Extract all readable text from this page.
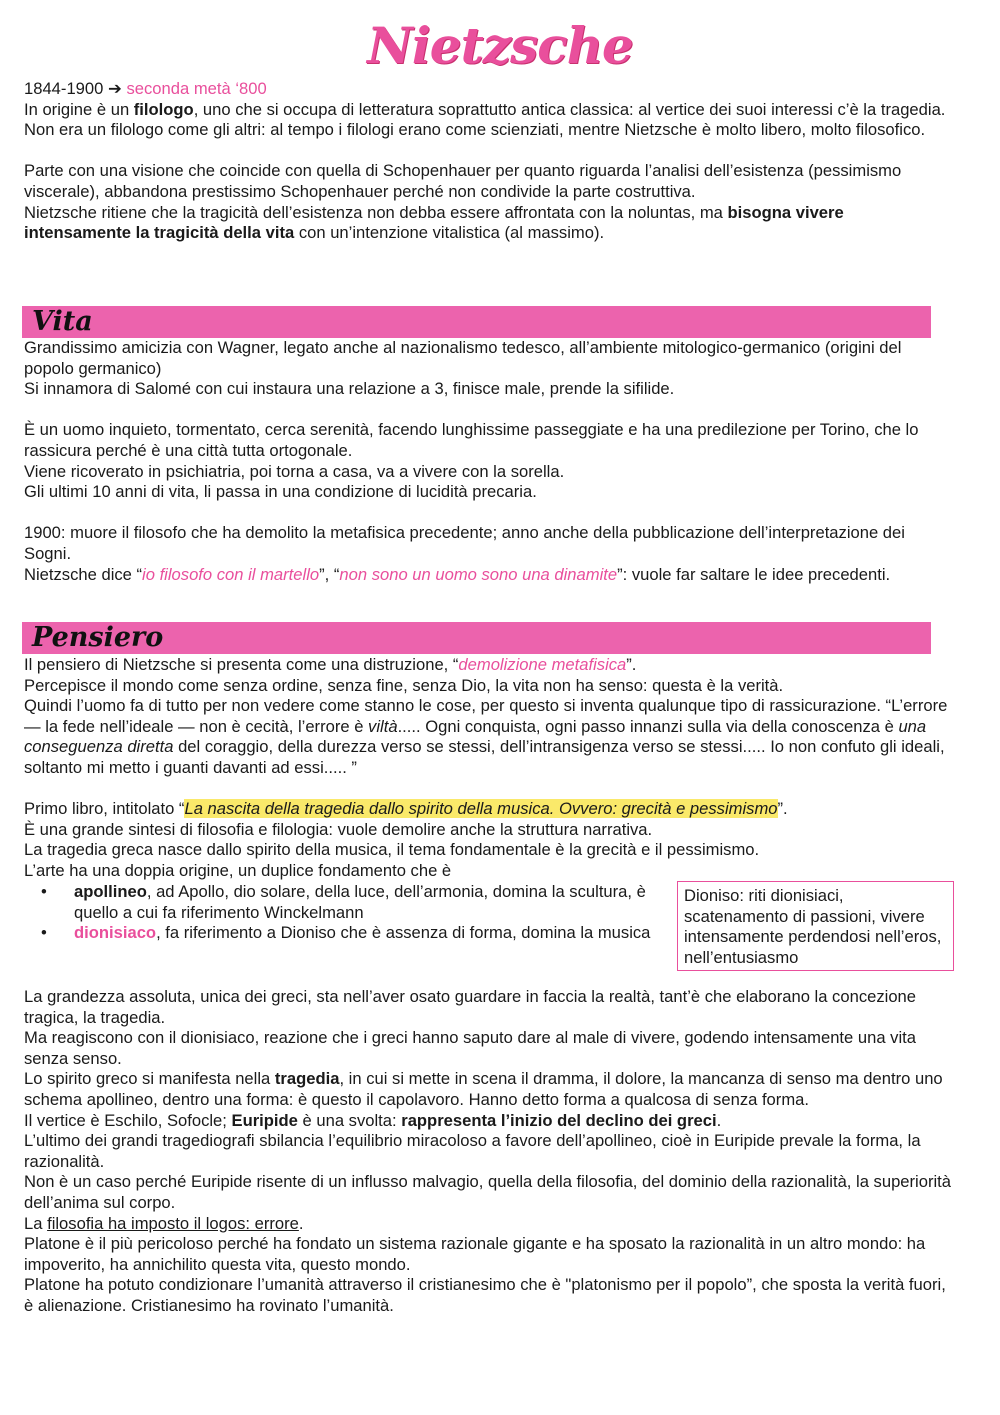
Nietzsche

1844-1900 ➔ seconda metà ‘800

In origine è un filologo, uno che si occupa di letteratura soprattutto antica classica: al vertice dei suoi interessi c’è la tragedia.

Non era un filologo come gli altri: al tempo i filologi erano come scienziati, mentre Nietzsche è molto libero, molto filosofico.

Parte con una visione che coincide con quella di Schopenhauer per quanto riguarda l’analisi dell’esistenza (pessimismo viscerale), abbandona prestissimo Schopenhauer perché non condivide la parte costruttiva.

Nietzsche ritiene che la tragicità dell’esistenza non debba essere affrontata con la noluntas, ma bisogna vivere intensamente la tragicità della vita con un’intenzione vitalistica (al massimo).

Vita

Grandissimo amicizia con Wagner, legato anche al nazionalismo tedesco, all’ambiente mitologico-germanico (origini del popolo germanico)

Si innamora di Salomé con cui instaura una relazione a 3, finisce male, prende la sifilide.

È un uomo inquieto, tormentato, cerca serenità, facendo lunghissime passeggiate e ha una predilezione per Torino, che lo rassicura perché è una città tutta ortogonale.

Viene ricoverato in psichiatria, poi torna a casa, va a vivere con la sorella.

Gli ultimi 10 anni di vita, li passa in una condizione di lucidità precaria.

1900: muore il filosofo che ha demolito la metafisica precedente; anno anche della pubblicazione dell’interpretazione dei Sogni.

Nietzsche dice “io filosofo con il martello”, “non sono un uomo sono una dinamite”: vuole far saltare le idee precedenti.

Pensiero

Il pensiero di Nietzsche si presenta come una distruzione, “demolizione metafisica”.

Percepisce il mondo come senza ordine, senza fine, senza Dio, la vita non ha senso: questa è la verità.

Quindi l’uomo fa di tutto per non vedere come stanno le cose, per questo si inventa qualunque tipo di rassicurazione. “L’errore — la fede nell’ideale — non è cecità, l’errore è viltà..... Ogni conquista, ogni passo innanzi sulla via della conoscenza è una conseguenza diretta del coraggio, della durezza verso se stessi, dell’intransigenza verso se stessi..... Io non confuto gli ideali, soltanto mi metto i guanti davanti ad essi..... ”

Primo libro, intitolato “La nascita della tragedia dallo spirito della musica. Ovvero: grecità e pessimismo”.

È una grande sintesi di filosofia e filologia: vuole demolire anche la struttura narrativa.

La tragedia greca nasce dallo spirito della musica, il tema fondamentale è la grecità e il pessimismo.

L’arte ha una doppia origine, un duplice fondamento che è

• apollineo, ad Apollo, dio solare, della luce, dell’armonia, domina la scultura, è quello a cui fa riferimento Winckelmann
• dionisiaco, fa riferimento a Dioniso che è assenza di forma, domina la musica
Dioniso: riti dionisiaci, scatenamento di passioni, vivere intensamente perdendosi nell’eros, nell’entusiasmo

La grandezza assoluta, unica dei greci, sta nell’aver osato guardare in faccia la realtà, tant’è che elaborano la concezione tragica, la tragedia.

Ma reagiscono con il dionisiaco, reazione che i greci hanno saputo dare al male di vivere, godendo intensamente una vita senza senso.

Lo spirito greco si manifesta nella tragedia, in cui si mette in scena il dramma, il dolore, la mancanza di senso ma dentro uno schema apollineo, dentro una forma: è questo il capolavoro. Hanno detto forma a qualcosa di senza forma.

Il vertice è Eschilo, Sofocle; Euripide è una svolta: rappresenta l’inizio del declino dei greci.

L’ultimo dei grandi tragediografi sbilancia l’equilibrio miracoloso a favore dell’apollineo, cioè in Euripide prevale la forma, la razionalità.

Non è un caso perché Euripide risente di un influsso malvagio, quella della filosofia, del dominio della razionalità, la superiorità dell’anima sul corpo.

La filosofia ha imposto il logos: errore.

Platone è il più pericoloso perché ha fondato un sistema razionale gigante e ha sposato la razionalità in un altro mondo: ha impoverito, ha annichilito questa vita, questo mondo.

Platone ha potuto condizionare l’umanità attraverso il cristianesimo che è "platonismo per il popolo”, che sposta la verità fuori, è alienazione. Cristianesimo ha rovinato l’umanità.
